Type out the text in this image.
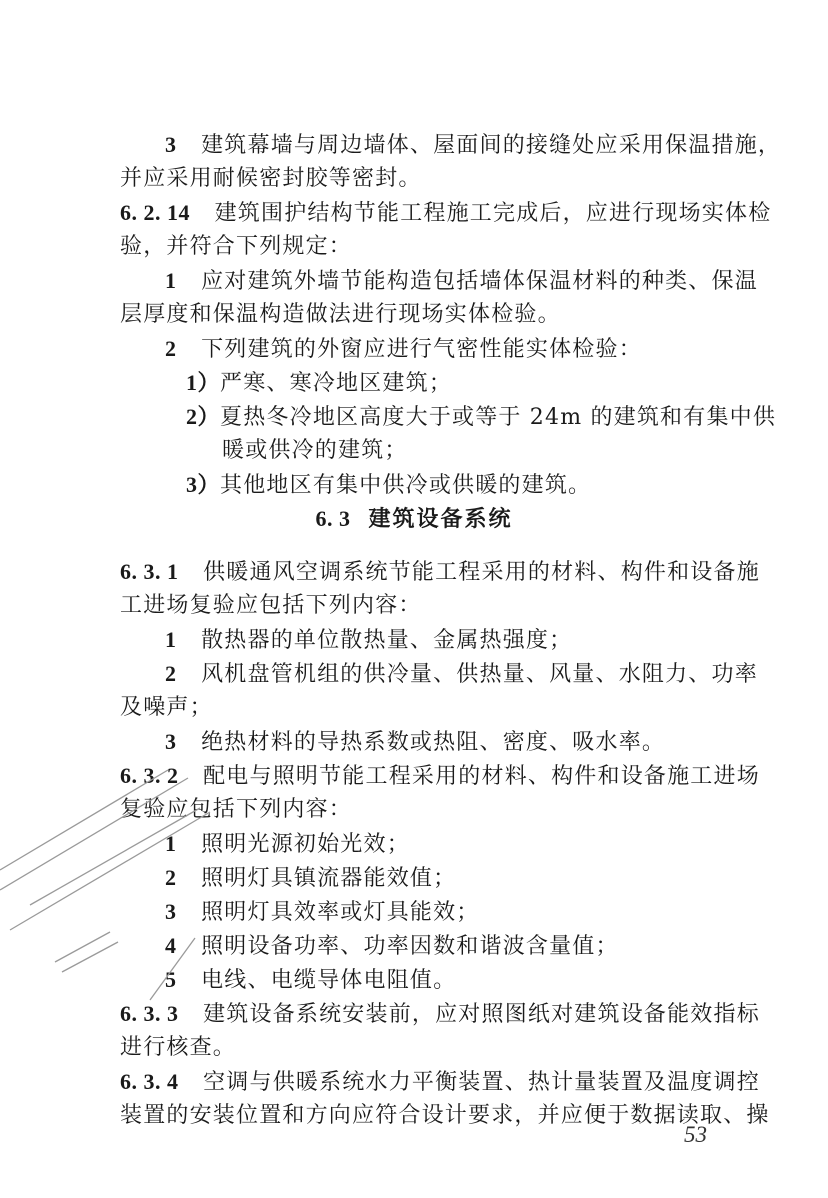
3 建筑幕墙与周边墙体、屋面间的接缝处应采用保温措施，
并应采用耐候密封胶等密封。
6. 2. 14 建筑围护结构节能工程施工完成后，应进行现场实体检
验，并符合下列规定：
1 应对建筑外墙节能构造包括墙体保温材料的种类、保温
层厚度和保温构造做法进行现场实体检验。
2 下列建筑的外窗应进行气密性能实体检验：
1）严寒、寒冷地区建筑；
2）夏热冬冷地区高度大于或等于 24m 的建筑和有集中供
暖或供冷的建筑；
3）其他地区有集中供冷或供暖的建筑。
6. 3 建筑设备系统
6. 3. 1 供暖通风空调系统节能工程采用的材料、构件和设备施
工进场复验应包括下列内容：
1 散热器的单位散热量、金属热强度；
2 风机盘管机组的供冷量、供热量、风量、水阻力、功率
及噪声；
3 绝热材料的导热系数或热阻、密度、吸水率。
6. 3. 2 配电与照明节能工程采用的材料、构件和设备施工进场
复验应包括下列内容：
1 照明光源初始光效；
2 照明灯具镇流器能效值；
3 照明灯具效率或灯具能效；
4 照明设备功率、功率因数和谐波含量值；
5 电线、电缆导体电阻值。
6. 3. 3 建筑设备系统安装前，应对照图纸对建筑设备能效指标
进行核查。
6. 3. 4 空调与供暖系统水力平衡装置、热计量装置及温度调控
装置的安装位置和方向应符合设计要求，并应便于数据读取、操
53
